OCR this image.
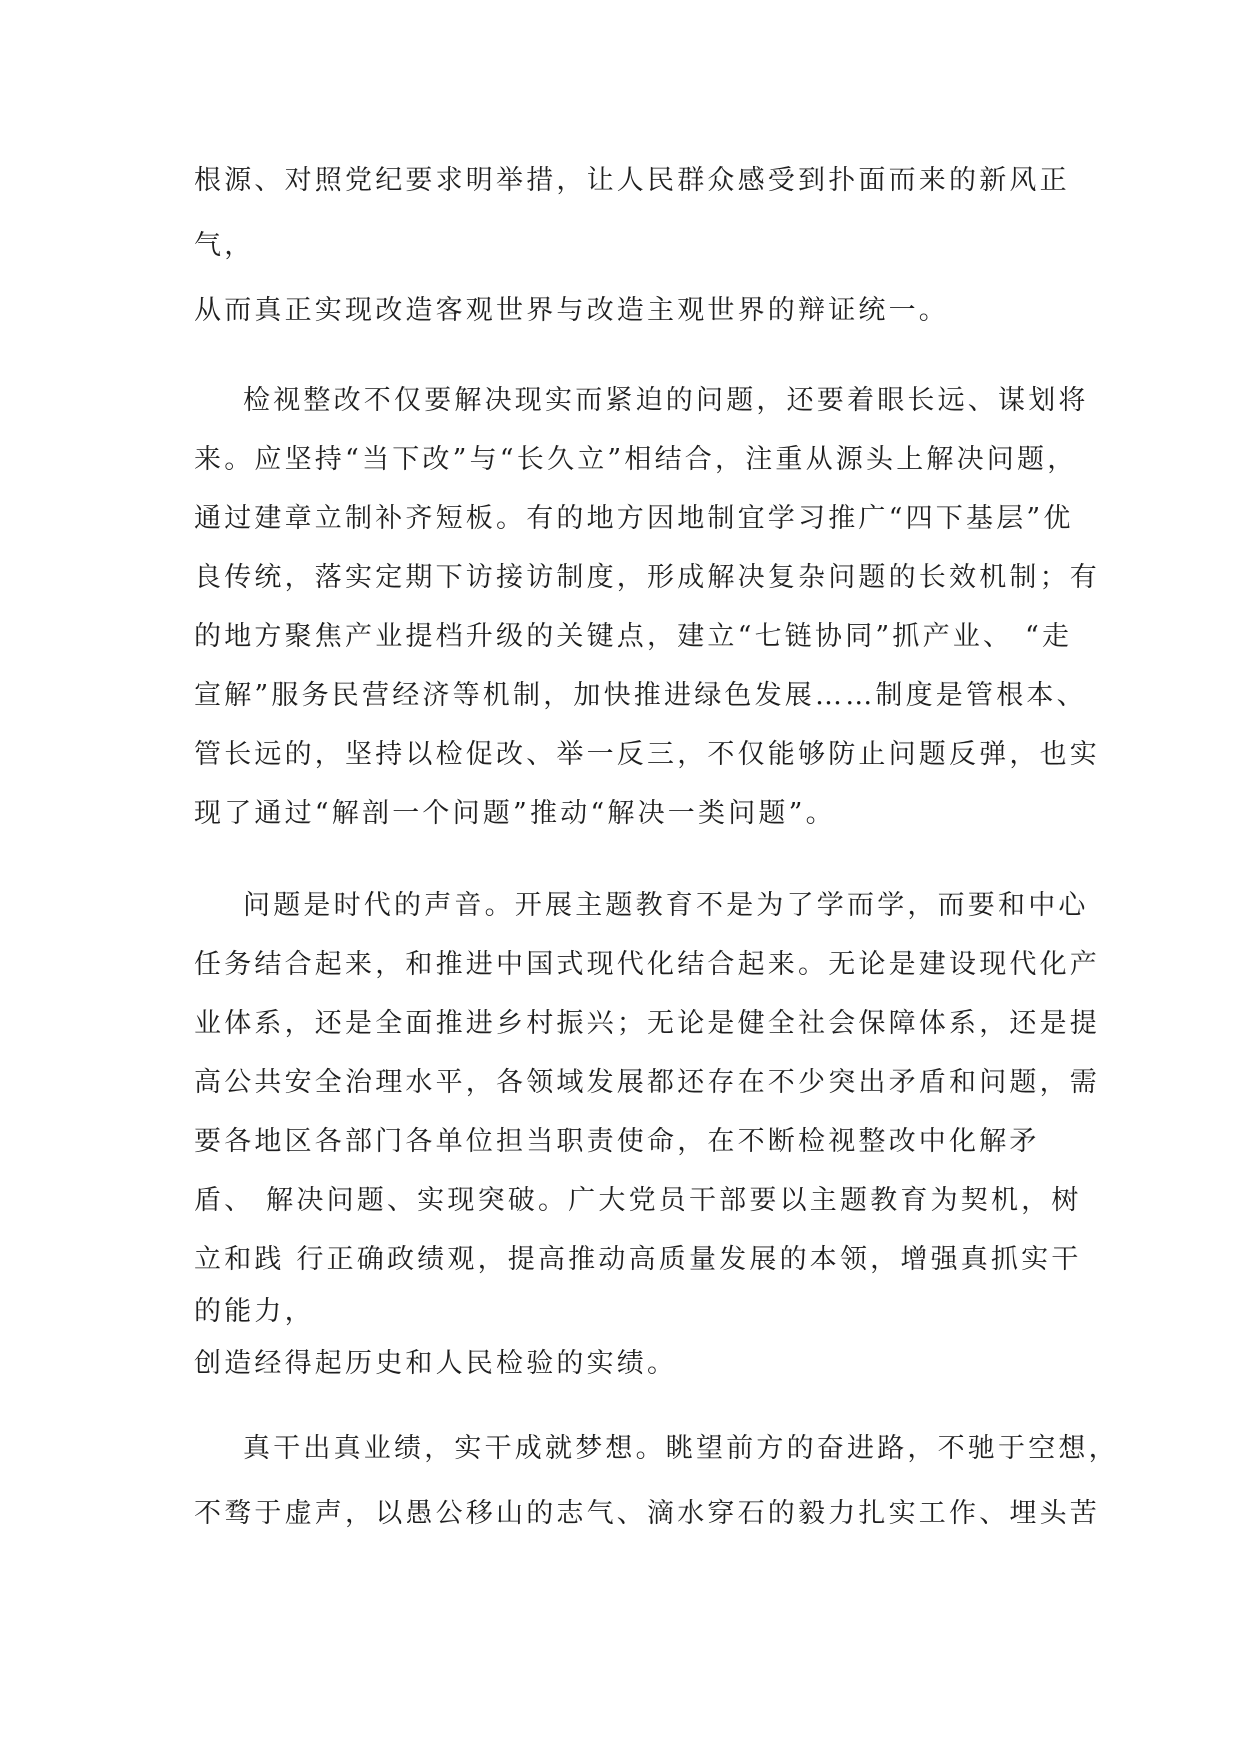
根源、对照党纪要求明举措，让人民群众感受到扑面而来的新风正
气，
从而真正实现改造客观世界与改造主观世界的辩证统一。
检视整改不仅要解决现实而紧迫的问题，还要着眼长远、谋划将
来。应坚持“当下改”与“长久立”相结合，注重从源头上解决问题，
通过建章立制补齐短板。有的地方因地制宜学习推广“四下基层”优
良传统，落实定期下访接访制度，形成解决复杂问题的长效机制；有
的地方聚焦产业提档升级的关键点，建立“七链协同”抓产业、 “走
宣解”服务民营经济等机制，加快推进绿色发展……制度是管根本、
管长远的，坚持以检促改、举一反三，不仅能够防止问题反弹，也实
现了通过“解剖一个问题”推动“解决一类问题”。
问题是时代的声音。开展主题教育不是为了学而学，而要和中心
任务结合起来，和推进中国式现代化结合起来。无论是建设现代化产
业体系，还是全面推进乡村振兴；无论是健全社会保障体系，还是提
高公共安全治理水平，各领域发展都还存在不少突出矛盾和问题，需
要各地区各部门各单位担当职责使命，在不断检视整改中化解矛
盾、 解决问题、实现突破。广大党员干部要以主题教育为契机，树
立和践 行正确政绩观，提高推动高质量发展的本领，增强真抓实干
的能力，
创造经得起历史和人民检验的实绩。
真干出真业绩，实干成就梦想。眺望前方的奋进路，不驰于空想，
不骛于虚声，以愚公移山的志气、滴水穿石的毅力扎实工作、埋头苦
